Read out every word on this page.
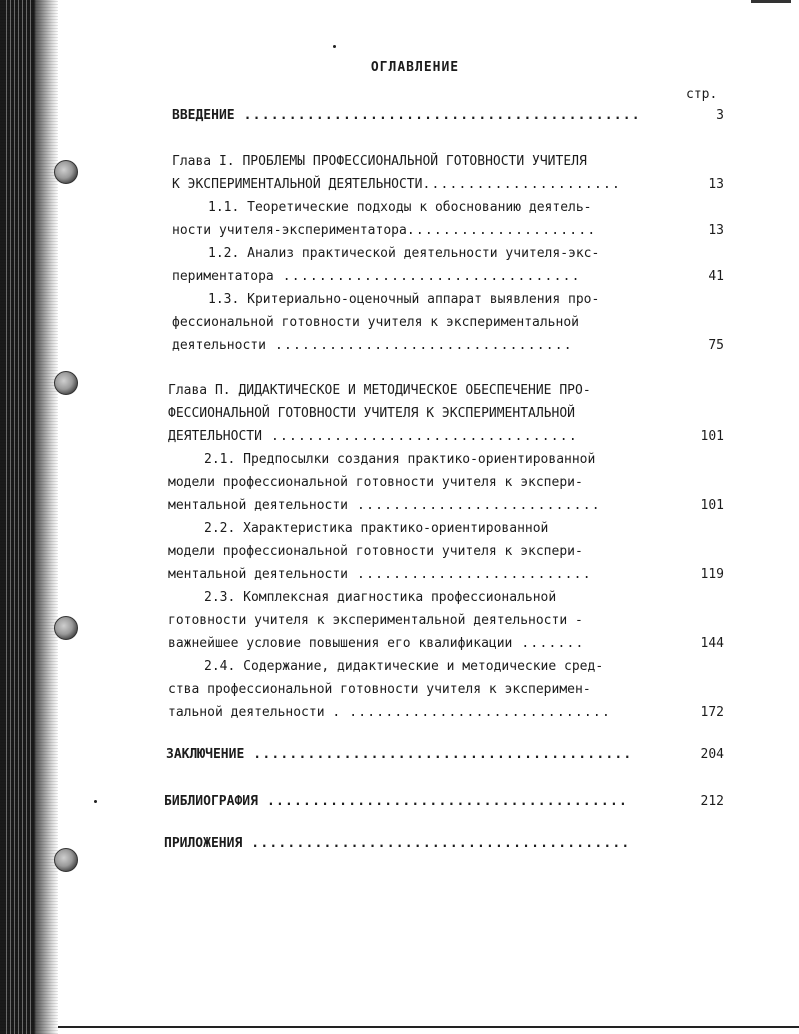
ОГЛАВЛЕНИЕ
стр.
ВВЕДЕНИЕ ............................................	3
Глава I. ПРОБЛЕМЫ ПРОФЕССИОНАЛЬНОЙ ГОТОВНОСТИ УЧИТЕЛЯ
К ЭКСПЕРИМЕНТАЛЬНОЙ ДЕЯТЕЛЬНОСТИ......................	13
1.1. Теоретические подходы к обоснованию деятель-
ности учителя-экспериментатора.....................	13
1.2. Анализ практической деятельности учителя-экс-
периментатора .................................	41
1.3. Критериально-оценочный аппарат выявления про-
фессиональной готовности учителя к экспериментальной
деятельности .................................	75
Глава П. ДИДАКТИЧЕСКОЕ И МЕТОДИЧЕСКОЕ ОБЕСПЕЧЕНИЕ ПРО-
ФЕССИОНАЛЬНОЙ ГОТОВНОСТИ УЧИТЕЛЯ К ЭКСПЕРИМЕНТАЛЬНОЙ
ДЕЯТЕЛЬНОСТИ ..................................	101
2.1. Предпосылки создания практико-ориентированной
модели профессиональной готовности учителя к экспери-
ментальной деятельности ...........................	101
2.2. Характеристика практико-ориентированной
модели профессиональной готовности учителя к экспери-
ментальной деятельности ..........................	119
2.3. Комплексная диагностика профессиональной
готовности учителя к экспериментальной деятельности -
важнейшее условие повышения его квалификации .......	144
2.4. Содержание, дидактические и методические сред-
ства профессиональной готовности учителя к эксперимен-
тальной деятельности . .............................	172
ЗАКЛЮЧЕНИЕ ..........................................	204
БИБЛИОГРАФИЯ ........................................	212
ПРИЛОЖЕНИЯ ..........................................
